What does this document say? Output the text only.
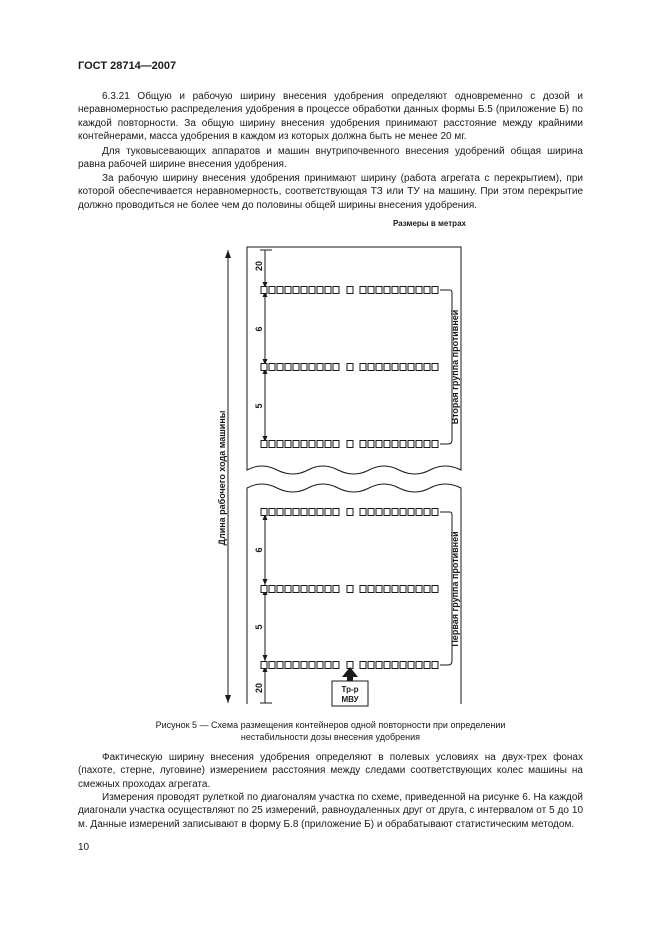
ГОСТ 28714—2007

6.3.21 Общую и рабочую ширину внесения удобрения определяют одновременно с дозой и неравномерностью распределения удобрения в процессе обработки данных формы Б.5 (приложение Б) по каждой повторности. За общую ширину внесения удобрения принимают расстояние между крайними контейнерами, масса удобрения в каждом из которых должна быть не менее 20 мг.

Для туковысевающих аппаратов и машин внутрипочвенного внесения удобрений общая ширина равна рабочей ширине внесения удобрения.

За рабочую ширину внесения удобрения принимают ширину (работа агрегата с перекрытием), при которой обеспечивается неравномерность, соответствующая ТЗ или ТУ на машину. При этом перекрытие должно проводиться не более чем до половины общей ширины внесения удобрения.

Размеры в метрах
Длина рабочего хода машины
20
6
5
6
5
20
Вторая группа противней
Первая группа противней
Тр-р
МВУ
Рисунок 5 — Схема размещения контейнеров одной повторности при определении
нестабильности дозы внесения удобрения

Фактическую ширину внесения удобрения определяют в полевых условиях на двух-трех фонах (пахоте, стерне, луговине) измерением расстояния между следами соответствующих колес машины на смежных проходах агрегата.

Измерения проводят рулеткой по диагоналям участка по схеме, приведенной на рисунке 6. На каждой диагонали участка осуществляют по 25 измерений, равноудаленных друг от друга, с интервалом от 5 до 10 м. Данные измерений записывают в форму Б.8 (приложение Б) и обрабатывают статистическим методом.

10
